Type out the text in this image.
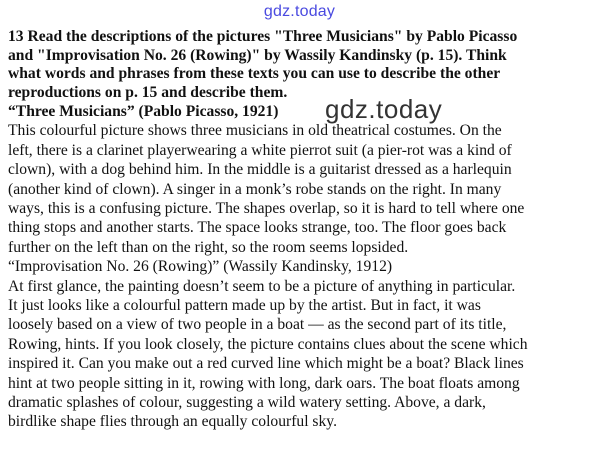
gdz.today
13 Read the descriptions of the pictures "Three Musicians" by Pablo Picasso
and "Improvisation No. 26 (Rowing)" by Wassily Kandinsky (p. 15). Think
what words and phrases from these texts you can use to describe the other
reproductions on p. 15 and describe them.
“Three Musicians” (Pablo Picasso, 1921)
This colourful picture shows three musicians in old theatrical costumes. On the
left, there is a clarinet playerwearing a white pierrot suit (a pier-rot was a kind of
clown), with a dog behind him. In the middle is a guitarist dressed as a harlequin
(another kind of clown). A singer in a monk’s robe stands on the right. In many
ways, this is a confusing picture. The shapes overlap, so it is hard to tell where one
thing stops and another starts. The space looks strange, too. The floor goes back
further on the left than on the right, so the room seems lopsided.
“Improvisation No. 26 (Rowing)” (Wassily Kandinsky, 1912)
At first glance, the painting doesn’t seem to be a picture of anything in particular.
It just looks like a colourful pattern made up by the artist. But in fact, it was
loosely based on a view of two people in a boat — as the second part of its title,
Rowing, hints. If you look closely, the picture contains clues about the scene which
inspired it. Can you make out a red curved line which might be a boat? Black lines
hint at two people sitting in it, rowing with long, dark oars. The boat floats among
dramatic splashes of colour, suggesting a wild watery setting. Above, a dark,
birdlike shape flies through an equally colourful sky.
gdz.today
